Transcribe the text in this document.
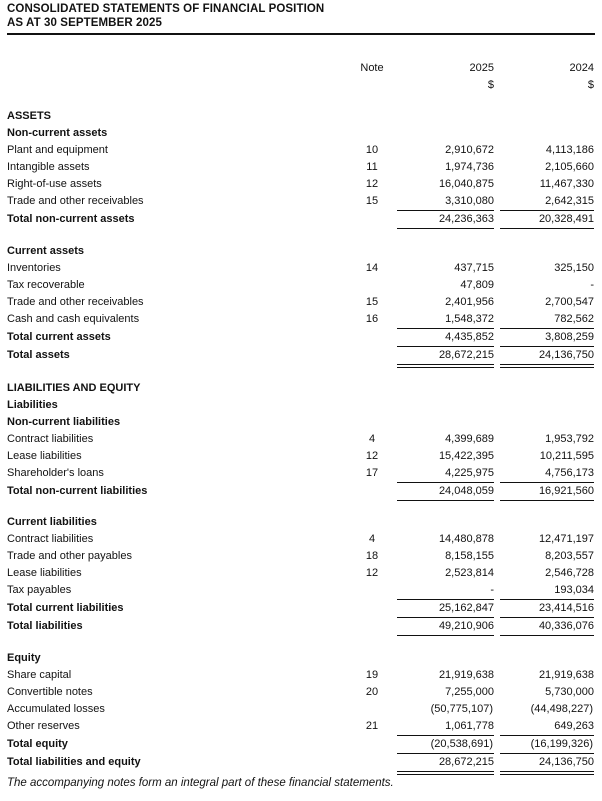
CONSOLIDATED STATEMENTS OF FINANCIAL POSITION
AS AT 30 SEPTEMBER 2025
	Note	2025		2024
		$		$

ASSETS				
Non-current assets				
Plant and equipment	10	2,910,672		4,113,186
Intangible assets	11	1,974,736		2,105,660
Right-of-use assets	12	16,040,875		11,467,330
Trade and other receivables	15	3,310,080		2,642,315
Total non-current assets		24,236,363		20,328,491

Current assets				
Inventories	14	437,715		325,150
Tax recoverable		47,809		-
Trade and other receivables	15	2,401,956		2,700,547
Cash and cash equivalents	16	1,548,372		782,562
Total current assets		4,435,852		3,808,259
Total assets		28,672,215		24,136,750

LIABILITIES AND EQUITY				
Liabilities				
Non-current liabilities				
Contract liabilities	4	4,399,689		1,953,792
Lease liabilities	12	15,422,395		10,211,595
Shareholder's loans	17	4,225,975		4,756,173
Total non-current liabilities		24,048,059		16,921,560

Current liabilities				
Contract liabilities	4	14,480,878		12,471,197
Trade and other payables	18	8,158,155		8,203,557
Lease liabilities	12	2,523,814		2,546,728
Tax payables		-		193,034
Total current liabilities		25,162,847		23,414,516
Total liabilities		49,210,906		40,336,076

Equity				
Share capital	19	21,919,638		21,919,638
Convertible notes	20	7,255,000		5,730,000
Accumulated losses		(50,775,107)		(44,498,227)
Other reserves	21	1,061,778		649,263
Total equity		(20,538,691)		(16,199,326)
Total liabilities and equity		28,672,215		24,136,750
The accompanying notes form an integral part of these financial statements.
